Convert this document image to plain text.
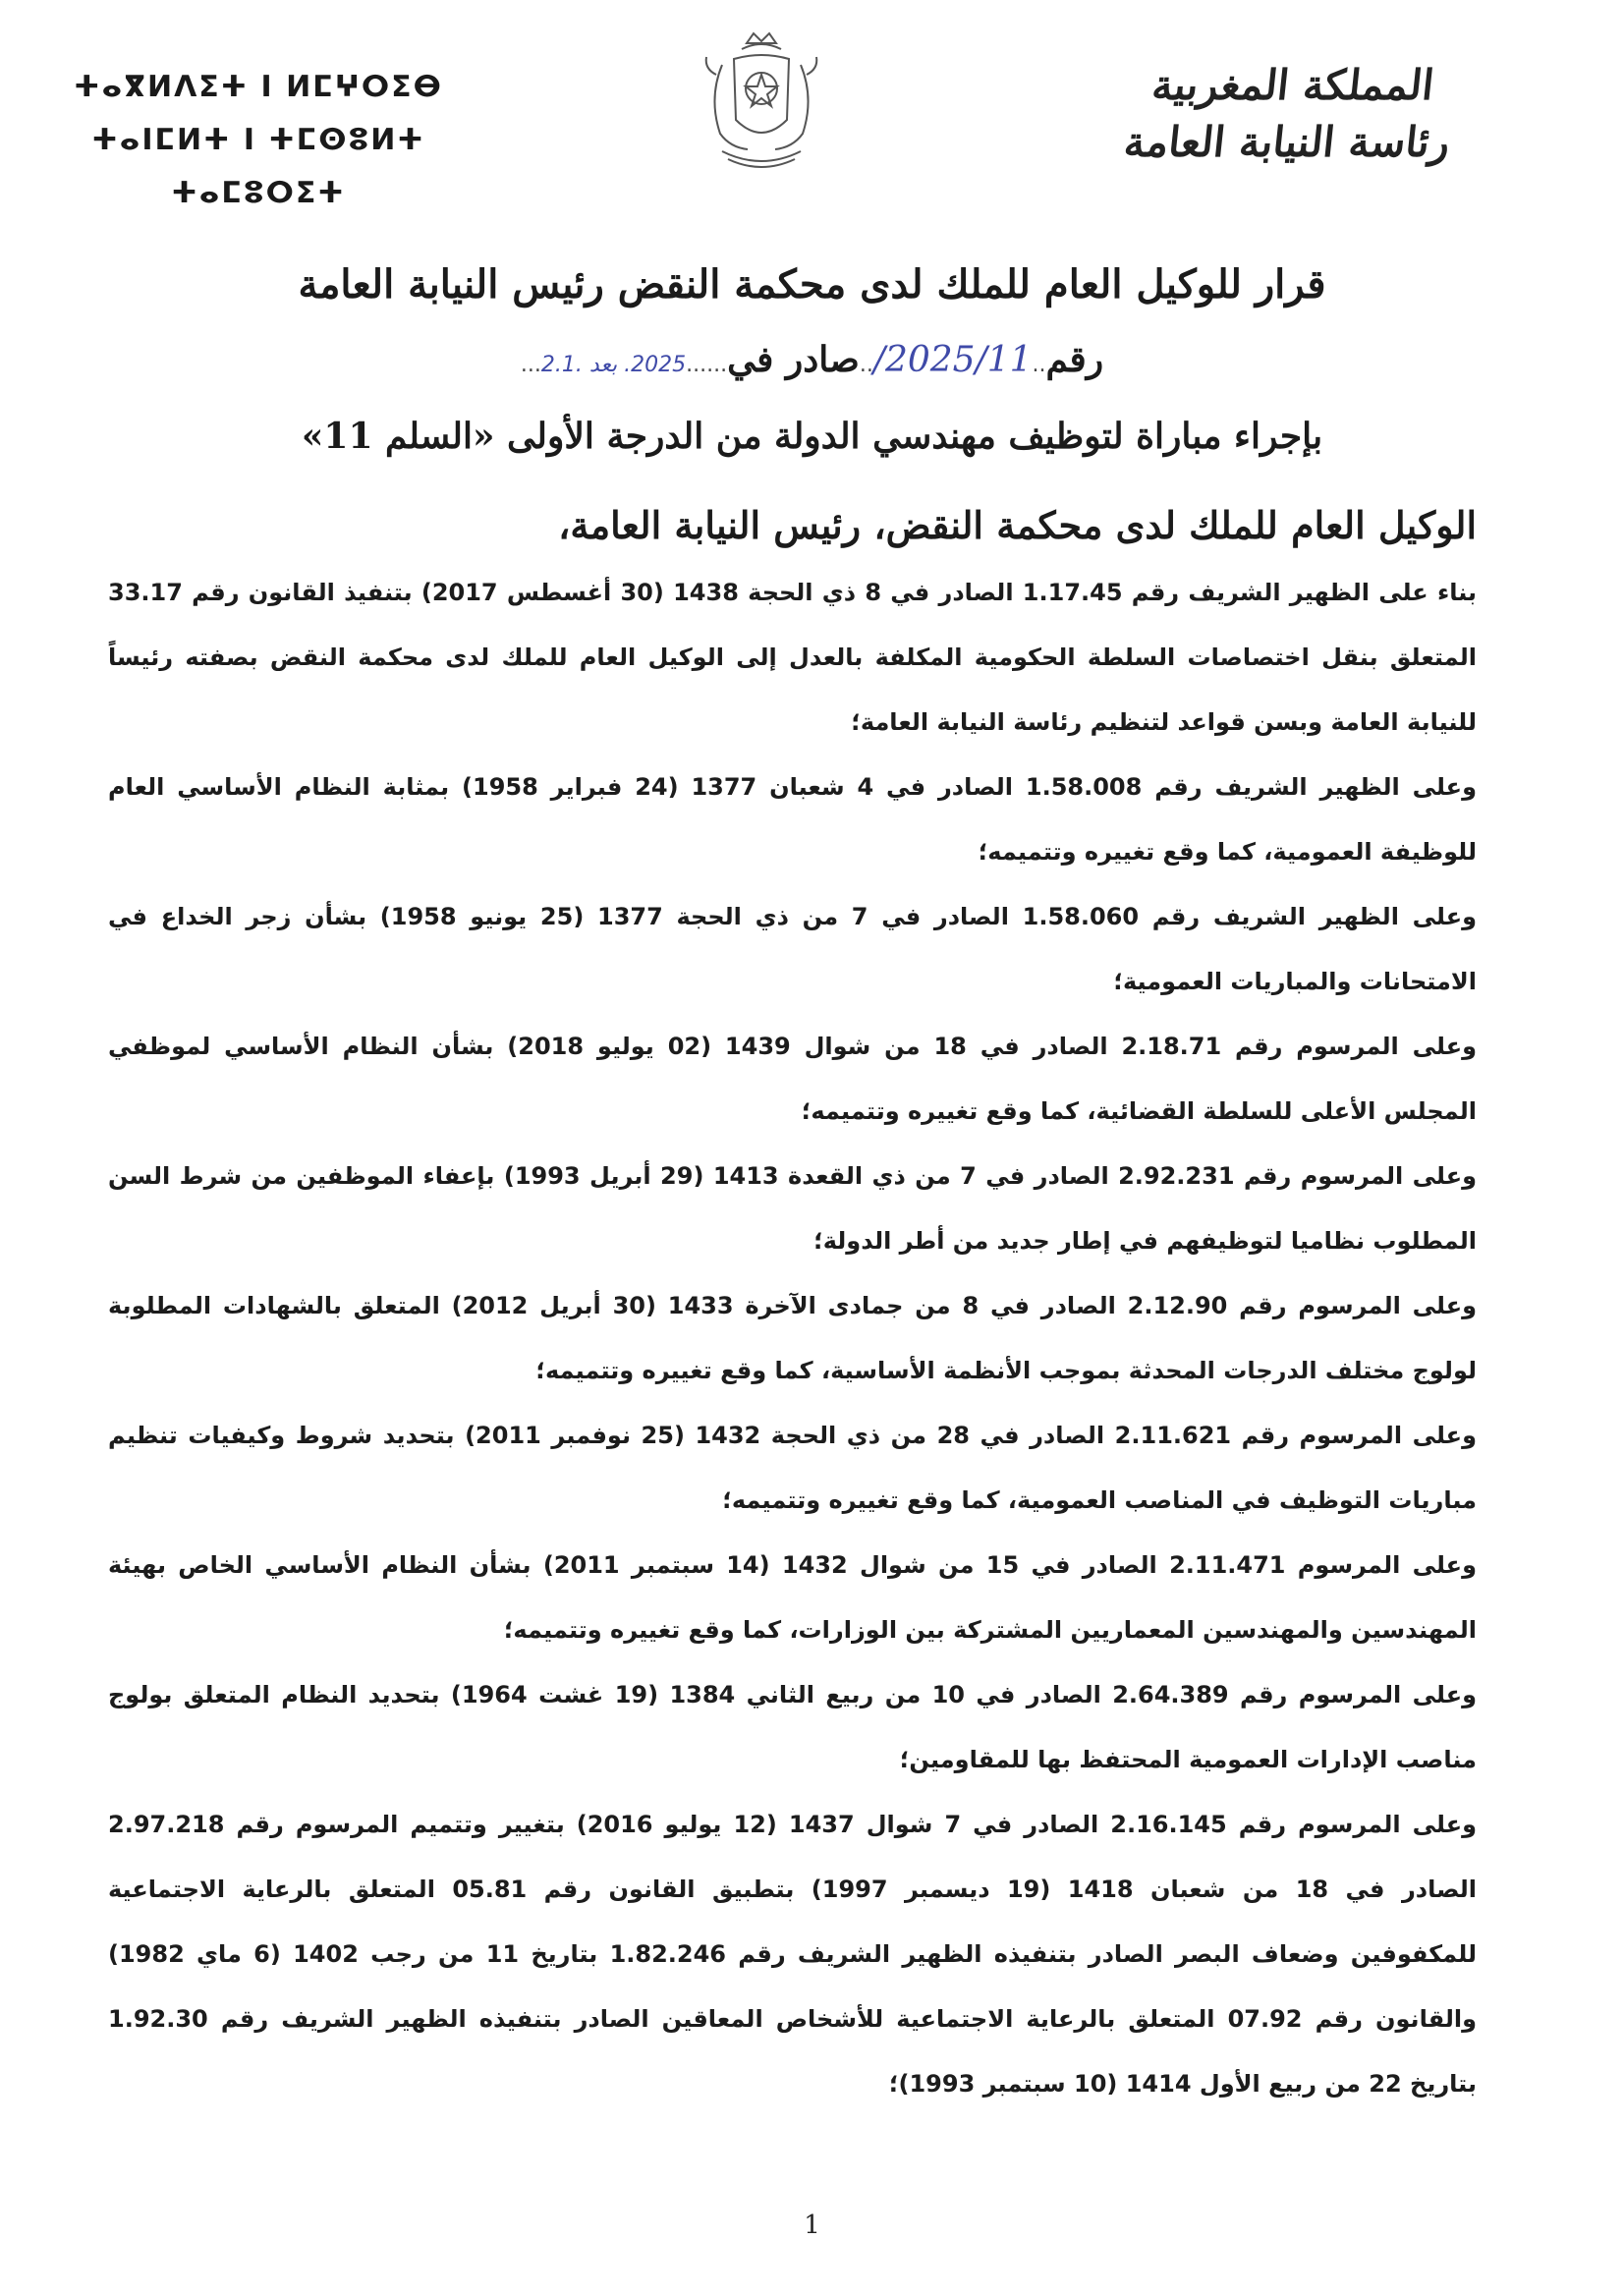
ⵜⴰⴳⵍⴷⵉⵜ ⵏ ⵍⵎⵖⵔⵉⴱ
ⵜⴰⵏⵎⵍⵜ ⵏ ⵜⵎⵙⵓⵍⵜ ⵜⴰⵎⵓⵔⵉⵜ
المملكة المغربية
رئاسة النيابة العامة
قرار للوكيل العام للملك لدى محكمة النقض رئيس النيابة العامة
رقم..2025/11/..صادر في......2025. بعد .2.1...
بإجراء مباراة لتوظيف مهندسي الدولة من الدرجة الأولى «السلم 11»
الوكيل العام للملك لدى محكمة النقض، رئيس النيابة العامة،

بناء على الظهير الشريف رقم 1.17.45 الصادر في 8 ذي الحجة 1438 (30 أغسطس 2017) بتنفيذ القانون رقم 33.17 المتعلق بنقل اختصاصات السلطة الحكومية المكلفة بالعدل إلى الوكيل العام للملك لدى محكمة النقض بصفته رئيساً للنيابة العامة وبسن قواعد لتنظيم رئاسة النيابة العامة؛

وعلى الظهير الشريف رقم 1.58.008 الصادر في 4 شعبان 1377 (24 فبراير 1958) بمثابة النظام الأساسي العام للوظيفة العمومية، كما وقع تغييره وتتميمه؛

وعلى الظهير الشريف رقم 1.58.060 الصادر في 7 من ذي الحجة 1377 (25 يونيو 1958) بشأن زجر الخداع في الامتحانات والمباريات العمومية؛

وعلى المرسوم رقم 2.18.71 الصادر في 18 من شوال 1439 (02 يوليو 2018) بشأن النظام الأساسي لموظفي المجلس الأعلى للسلطة القضائية، كما وقع تغييره وتتميمه؛

وعلى المرسوم رقم 2.92.231 الصادر في 7 من ذي القعدة 1413 (29 أبريل 1993) بإعفاء الموظفين من شرط السن المطلوب نظاميا لتوظيفهم في إطار جديد من أطر الدولة؛

وعلى المرسوم رقم 2.12.90 الصادر في 8 من جمادى الآخرة 1433 (30 أبريل 2012) المتعلق بالشهادات المطلوبة لولوج مختلف الدرجات المحدثة بموجب الأنظمة الأساسية، كما وقع تغييره وتتميمه؛

وعلى المرسوم رقم 2.11.621 الصادر في 28 من ذي الحجة 1432 (25 نوفمبر 2011) بتحديد شروط وكيفيات تنظيم مباريات التوظيف في المناصب العمومية، كما وقع تغييره وتتميمه؛

وعلى المرسوم 2.11.471 الصادر في 15 من شوال 1432 (14 سبتمبر 2011) بشأن النظام الأساسي الخاص بهيئة المهندسين والمهندسين المعماريين المشتركة بين الوزارات، كما وقع تغييره وتتميمه؛

وعلى المرسوم رقم 2.64.389 الصادر في 10 من ربيع الثاني 1384 (19 غشت 1964) بتحديد النظام المتعلق بولوج مناصب الإدارات العمومية المحتفظ بها للمقاومين؛

وعلى المرسوم رقم 2.16.145 الصادر في 7 شوال 1437 (12 يوليو 2016) بتغيير وتتميم المرسوم رقم 2.97.218 الصادر في 18 من شعبان 1418 (19 ديسمبر 1997) بتطبيق القانون رقم 05.81 المتعلق بالرعاية الاجتماعية للمكفوفين وضعاف البصر الصادر بتنفيذه الظهير الشريف رقم 1.82.246 بتاريخ 11 من رجب 1402 (6 ماي 1982) والقانون رقم 07.92 المتعلق بالرعاية الاجتماعية للأشخاص المعاقين الصادر بتنفيذه الظهير الشريف رقم 1.92.30 بتاريخ 22 من ربيع الأول 1414 (10 سبتمبر 1993)؛

1
